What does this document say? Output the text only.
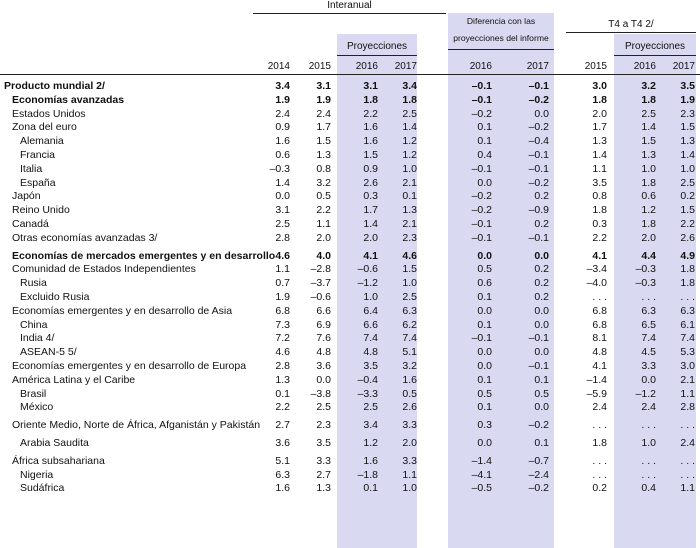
Interanual
Diferencia con las
proyecciones del informe
T4 a T4 2/
Proyecciones	Proyecciones
2014	2015	2016	2017	2016	2017	2015	2016	2017
Producto mundial 2/	3.4	3.1	3.1	3.4	–0.1	–0.1	3.0	3.2	3.5
Economías avanzadas	1.9	1.9	1.8	1.8	–0.1	–0.2	1.8	1.8	1.9
Estados Unidos	2.4	2.4	2.2	2.5	–0.2	0.0	2.0	2.5	2.3
Zona del euro	0.9	1.7	1.6	1.4	0.1	–0.2	1.7	1.4	1.5
Alemania	1.6	1.5	1.6	1.2	0.1	–0.4	1.3	1.5	1.3
Francia	0.6	1.3	1.5	1.2	0.4	–0.1	1.4	1.3	1.4
Italia	–0.3	0.8	0.9	1.0	–0.1	–0.1	1.1	1.0	1.0
España	1.4	3.2	2.6	2.1	0.0	–0.2	3.5	1.8	2.5
Japón	0.0	0.5	0.3	0.1	–0.2	0.2	0.8	0.6	0.2
Reino Unido	3.1	2.2	1.7	1.3	–0.2	–0.9	1.8	1.2	1.5
Canadá	2.5	1.1	1.4	2.1	–0.1	0.2	0.3	1.8	2.2
Otras economías avanzadas 3/	2.8	2.0	2.0	2.3	–0.1	–0.1	2.2	2.0	2.6
Economías de mercados emergentes y en desarrollo 4.6	4.0	4.1	4.6	0.0	0.0	4.1	4.4	4.9
Comunidad de Estados Independientes	1.1	–2.8	–0.6	1.5	0.5	0.2	–3.4	–0.3	1.8
Rusia	0.7	–3.7	–1.2	1.0	0.6	0.2	–4.0	–0.3	1.8
Excluido Rusia	1.9	–0.6	1.0	2.5	0.1	0.2	. . .	. . .	. . .
Economías emergentes y en desarrollo de Asia	6.8	6.6	6.4	6.3	0.0	0.0	6.8	6.3	6.3
China	7.3	6.9	6.6	6.2	0.1	0.0	6.8	6.5	6.1
India 4/	7.2	7.6	7.4	7.4	–0.1	–0.1	8.1	7.4	7.4
ASEAN-5 5/	4.6	4.8	4.8	5.1	0.0	0.0	4.8	4.5	5.3
Economías emergentes y en desarrollo de Europa	2.8	3.6	3.5	3.2	0.0	–0.1	4.1	3.3	3.0
América Latina y el Caribe	1.3	0.0	–0.4	1.6	0.1	0.1	–1.4	0.0	2.1
Brasil	0.1	–3.8	–3.3	0.5	0.5	0.5	–5.9	–1.2	1.1
México	2.2	2.5	2.5	2.6	0.1	0.0	2.4	2.4	2.8
Oriente Medio, Norte de África, Afganistán y Pakistán	2.7	2.3	3.4	3.3	0.3	–0.2	. . .	. . .	. . .
Arabia Saudita	3.6	3.5	1.2	2.0	0.0	0.1	1.8	1.0	2.4
África subsahariana	5.1	3.3	1.6	3.3	–1.4	–0.7	. . .	. . .	. . .
Nigeria	6.3	2.7	–1.8	1.1	–4.1	–2.4	. . .	. . .	. . .
Sudáfrica	1.6	1.3	0.1	1.0	–0.5	–0.2	0.2	0.4	1.1
